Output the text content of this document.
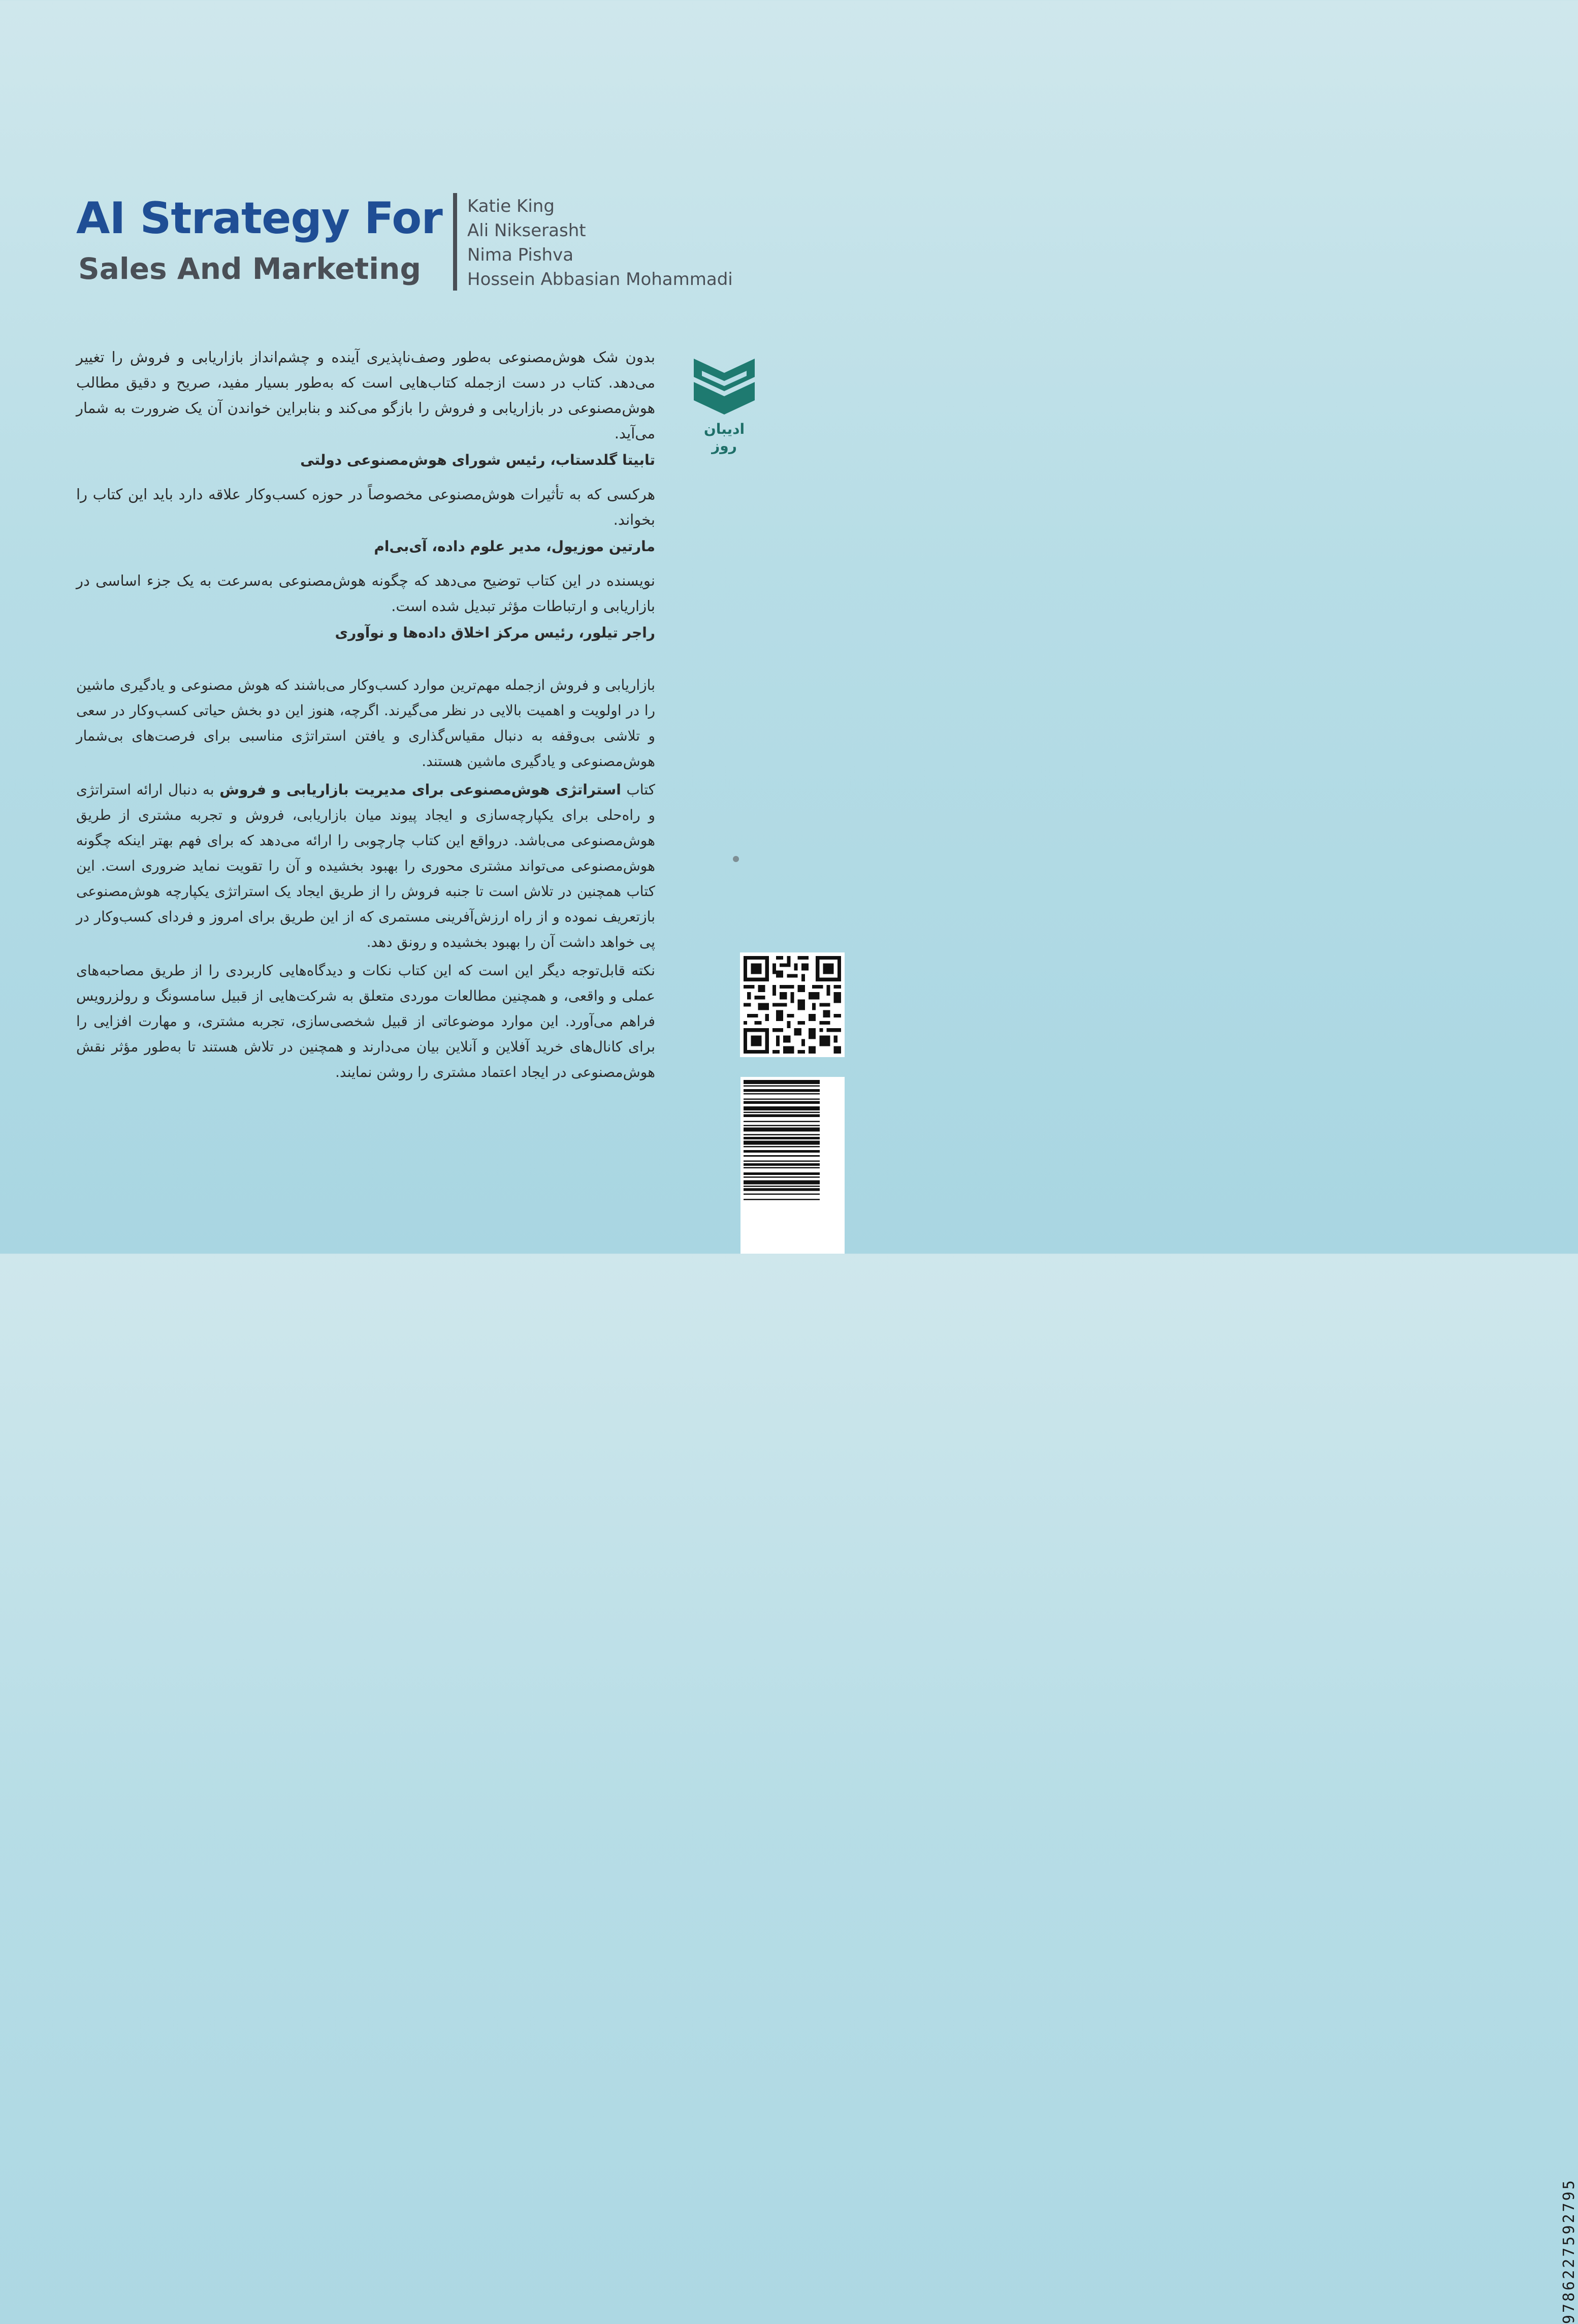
AI Strategy For
Sales And Marketing
Katie King
Ali Nikserasht
Nima Pishva
Hossein Abbasian Mohammadi
ادیبان روز

بدون شک هوش‌مصنوعی به‌طور وصف‌ناپذیری آینده و چشم‌انداز بازاریابی و فروش را تغییر می‌دهد. کتاب در دست ازجمله کتاب‌هایی است که به‌طور بسیار مفید، صریح و دقیق مطالب هوش‌مصنوعی در بازاریابی و فروش را بازگو می‌کند و بنابراین خواندن آن یک ضرورت به شمار می‌آید.

تابیتا گلدستاب، رئیس شورای هوش‌مصنوعی دولتی

هرکسی که به تأثیرات هوش‌مصنوعی مخصوصاً در حوزه کسب‌وکار علاقه دارد باید این کتاب را بخواند.

مارتین موزیول، مدیر علوم داده، آی‌بی‌ام

نویسنده در این کتاب توضیح می‌دهد که چگونه هوش‌مصنوعی به‌سرعت به یک جزء اساسی در بازاریابی و ارتباطات مؤثر تبدیل شده است.

راجر تیلور، رئیس مرکز اخلاق داده‌ها و نوآوری

بازاریابی و فروش ازجمله مهم‌ترین موارد کسب‌وکار می‌باشند که هوش مصنوعی و یادگیری ماشین را در اولویت و اهمیت بالایی در نظر می‌گیرند. اگرچه، هنوز این دو بخش حیاتی کسب‌وکار در سعی و تلاشی بی‌وقفه به دنبال مقیاس‌گذاری و یافتن استراتژی مناسبی برای فرصت‌های بی‌شمار هوش‌مصنوعی و یادگیری ماشین هستند.

کتاب استراتژی هوش‌مصنوعی برای مدیریت بازاریابی و فروش به دنبال ارائه استراتژی و راه‌حلی برای یکپارچه‌سازی و ایجاد پیوند میان بازاریابی، فروش و تجربه مشتری از طریق هوش‌مصنوعی می‌باشد. درواقع این کتاب چارچوبی را ارائه می‌دهد که برای فهم بهتر اینکه چگونه هوش‌مصنوعی می‌تواند مشتری محوری را بهبود بخشیده و آن را تقویت نماید ضروری است. این کتاب همچنین در تلاش است تا جنبه فروش را از طریق ایجاد یک استراتژی یکپارچه هوش‌مصنوعی بازتعریف نموده و از راه ارزش‌آفرینی مستمری که از این طریق برای امروز و فردای کسب‌وکار در پی خواهد داشت آن را بهبود بخشیده و رونق دهد.

نکته قابل‌توجه دیگر این است که این کتاب نکات و دیدگاه‌هایی کاربردی را از طریق مصاحبه‌های عملی و واقعی، و همچنین مطالعات موردی متعلق به شرکت‌هایی از قبیل سامسونگ و رولزرویس فراهم می‌آورد. این موارد موضوعاتی از قبیل شخصی‌سازی، تجربه مشتری، و مهارت افزایی را برای کانال‌های خرید آفلاین و آنلاین بیان می‌دارند و همچنین در تلاش هستند تا به‌طور مؤثر نقش هوش‌مصنوعی در ایجاد اعتماد مشتری را روشن نمایند.

9786227592795
